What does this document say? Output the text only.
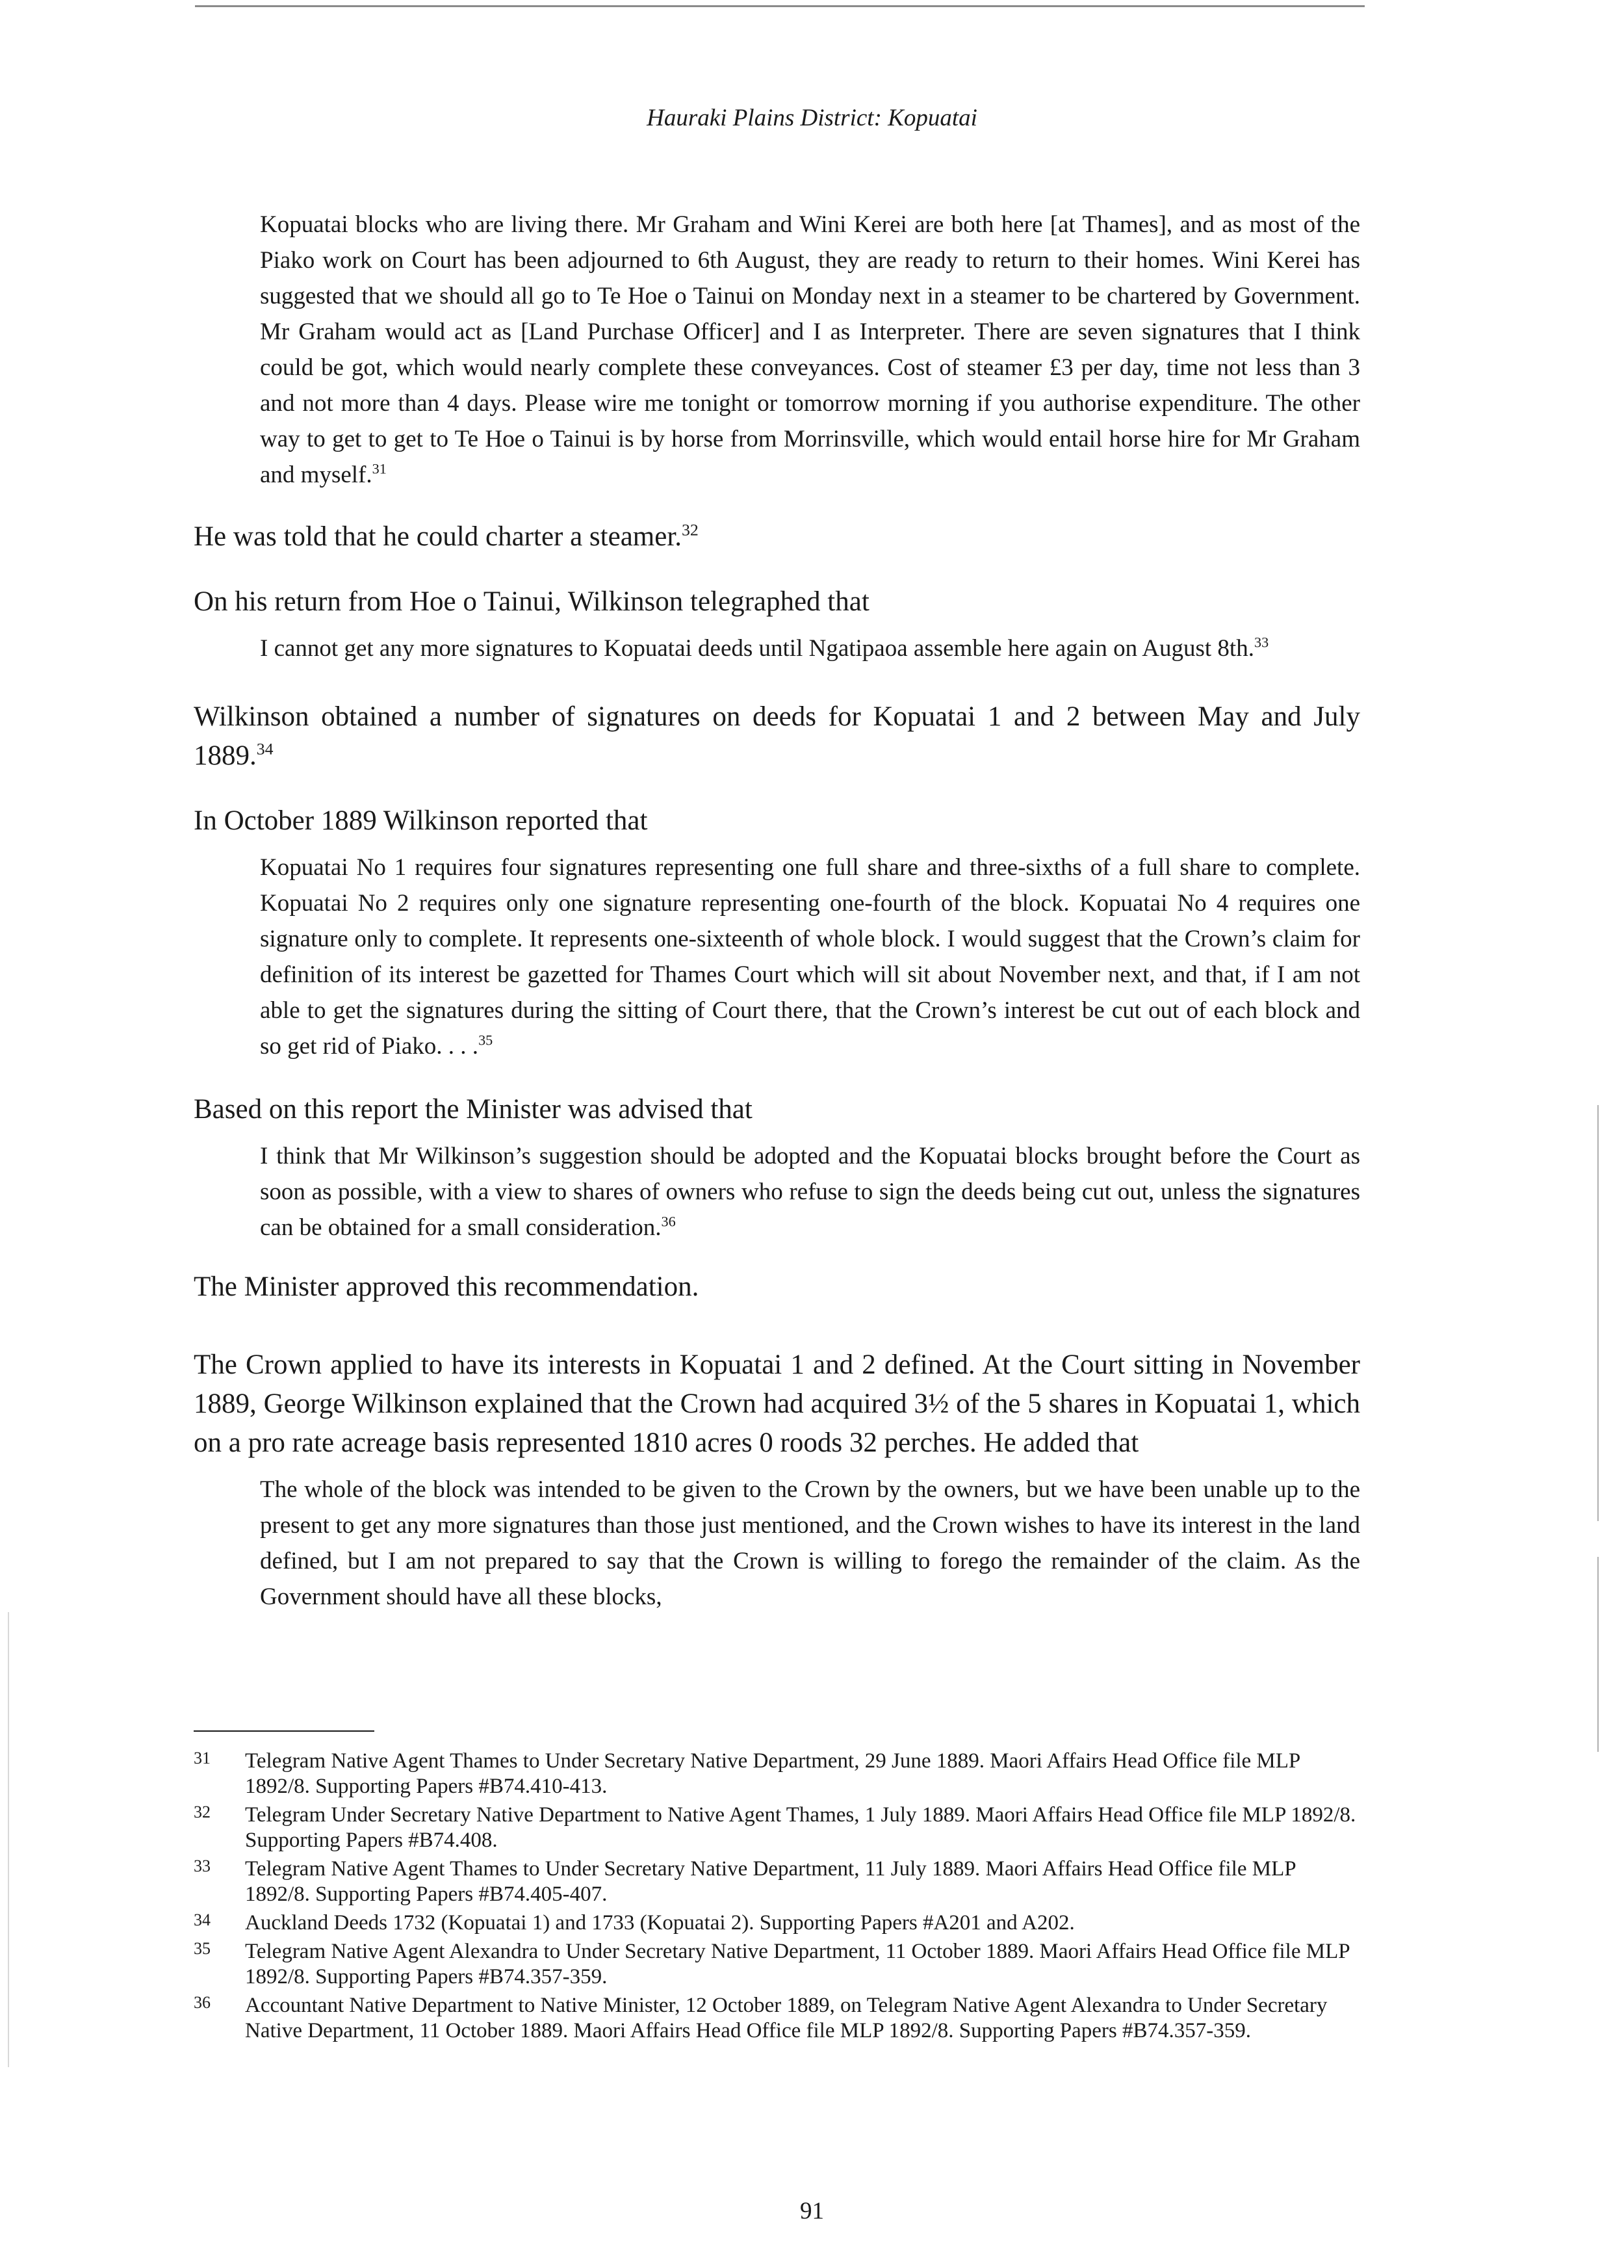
Hauraki Plains District: Kopuatai

Kopuatai blocks who are living there. Mr Graham and Wini Kerei are both here [at Thames], and as most of the Piako work on Court has been adjourned to 6th August, they are ready to return to their homes. Wini Kerei has suggested that we should all go to Te Hoe o Tainui on Monday next in a steamer to be chartered by Government. Mr Graham would act as [Land Purchase Officer] and I as Interpreter. There are seven signatures that I think could be got, which would nearly complete these conveyances. Cost of steamer £3 per day, time not less than 3 and not more than 4 days. Please wire me tonight or tomorrow morning if you authorise expenditure. The other way to get to get to Te Hoe o Tainui is by horse from Morrinsville, which would entail horse hire for Mr Graham and myself.$^{31}$

He was told that he could charter a steamer.$^{32}$

On his return from Hoe o Tainui, Wilkinson telegraphed that

I cannot get any more signatures to Kopuatai deeds until Ngatipaoa assemble here again on August 8th.$^{33}$

Wilkinson obtained a number of signatures on deeds for Kopuatai 1 and 2 between May and July 1889.34

In October 1889 Wilkinson reported that

Kopuatai No 1 requires four signatures representing one full share and three-sixths of a full share to complete. Kopuatai No 2 requires only one signature representing one-fourth of the block. Kopuatai No 4 requires one signature only to complete. It represents one-sixteenth of whole block. I would suggest that the Crown’s claim for definition of its interest be gazetted for Thames Court which will sit about November next, and that, if I am not able to get the signatures during the sitting of Court there, that the Crown’s interest be cut out of each block and so get rid of Piako. . . .$^{35}$

Based on this report the Minister was advised that

I think that Mr Wilkinson’s suggestion should be adopted and the Kopuatai blocks brought before the Court as soon as possible, with a view to shares of owners who refuse to sign the deeds being cut out, unless the signatures can be obtained for a small consideration.$^{36}$

The Minister approved this recommendation.

The Crown applied to have its interests in Kopuatai 1 and 2 defined. At the Court sitting in November 1889, George Wilkinson explained that the Crown had acquired 3½ of the 5 shares in Kopuatai 1, which on a pro rate acreage basis represented 1810 acres 0 roods 32 perches. He added that

The whole of the block was intended to be given to the Crown by the owners, but we have been unable up to the present to get any more signatures than those just mentioned, and the Crown wishes to have its interest in the land defined, but I am not prepared to say that the Crown is willing to forego the remainder of the claim. As the Government should have all these blocks,

31 Telegram Native Agent Thames to Under Secretary Native Department, 29 June 1889. Maori Affairs Head Office file MLP 1892/8. Supporting Papers #B74.410-413.
32 Telegram Under Secretary Native Department to Native Agent Thames, 1 July 1889. Maori Affairs Head Office file MLP 1892/8. Supporting Papers #B74.408.
33 Telegram Native Agent Thames to Under Secretary Native Department, 11 July 1889. Maori Affairs Head Office file MLP 1892/8. Supporting Papers #B74.405-407.
34 Auckland Deeds 1732 (Kopuatai 1) and 1733 (Kopuatai 2). Supporting Papers #A201 and A202.
35 Telegram Native Agent Alexandra to Under Secretary Native Department, 11 October 1889. Maori Affairs Head Office file MLP 1892/8. Supporting Papers #B74.357-359.
36 Accountant Native Department to Native Minister, 12 October 1889, on Telegram Native Agent Alexandra to Under Secretary Native Department, 11 October 1889. Maori Affairs Head Office file MLP 1892/8. Supporting Papers #B74.357-359.
91
